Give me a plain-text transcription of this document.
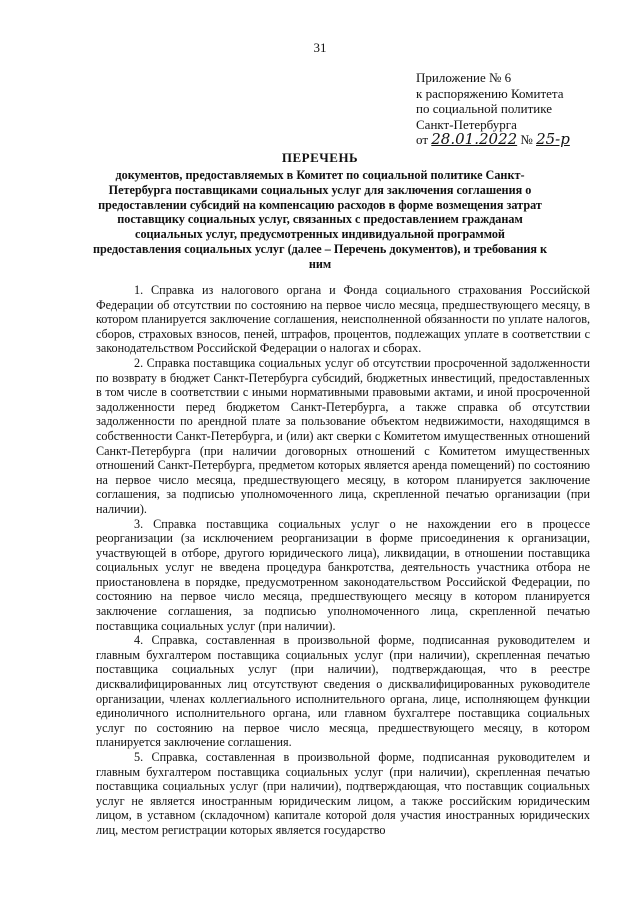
31
Приложение № 6
к распоряжению Комитета
по социальной политике
Санкт-Петербурга
от 28.01.2022 № 25-р
ПЕРЕЧЕНЬ
документов, предоставляемых в Комитет по социальной политике Санкт-Петербурга поставщиками социальных услуг для заключения соглашения о предоставлении субсидий на компенсацию расходов в форме возмещения затрат поставщику социальных услуг, связанных с предоставлением гражданам социальных услуг, предусмотренных индивидуальной программой предоставления социальных услуг (далее – Перечень документов), и требования к ним

1. Справка из налогового органа и Фонда социального страхования Российской Федерации об отсутствии по состоянию на первое число месяца, предшествующего месяцу, в котором планируется заключение соглашения, неисполненной обязанности по уплате налогов, сборов, страховых взносов, пеней, штрафов, процентов, подлежащих уплате в соответствии с законодательством Российской Федерации о налогах и сборах.

2. Справка поставщика социальных услуг об отсутствии просроченной задолженности по возврату в бюджет Санкт-Петербурга субсидий, бюджетных инвестиций, предоставленных в том числе в соответствии с иными нормативными правовыми актами, и иной просроченной задолженности перед бюджетом Санкт-Петербурга, а также справка об отсутствии задолженности по арендной плате за пользование объектом недвижимости, находящимся в собственности Санкт-Петербурга, и (или) акт сверки с Комитетом имущественных отношений Санкт-Петербурга (при наличии договорных отношений с Комитетом имущественных отношений Санкт-Петербурга, предметом которых является аренда помещений) по состоянию на первое число месяца, предшествующего месяцу, в котором планируется заключение соглашения, за подписью уполномоченного лица, скрепленной печатью организации (при наличии).

3. Справка поставщика социальных услуг о не нахождении его в процессе реорганизации (за исключением реорганизации в форме присоединения к организации, участвующей в отборе, другого юридического лица), ликвидации, в отношении поставщика социальных услуг не введена процедура банкротства, деятельность участника отбора не приостановлена в порядке, предусмотренном законодательством Российской Федерации, по состоянию на первое число месяца, предшествующего месяцу в котором планируется заключение соглашения, за подписью уполномоченного лица, скрепленной печатью поставщика социальных услуг (при наличии).

4. Справка, составленная в произвольной форме, подписанная руководителем и главным бухгалтером поставщика социальных услуг (при наличии), скрепленная печатью поставщика социальных услуг (при наличии), подтверждающая, что в реестре дисквалифицированных лиц отсутствуют сведения о дисквалифицированных руководителе организации, членах коллегиального исполнительного органа, лице, исполняющем функции единоличного исполнительного органа, или главном бухгалтере поставщика социальных услуг по состоянию на первое число месяца, предшествующего месяцу, в котором планируется заключение соглашения.

5. Справка, составленная в произвольной форме, подписанная руководителем и главным бухгалтером поставщика социальных услуг (при наличии), скрепленная печатью поставщика социальных услуг (при наличии), подтверждающая, что поставщик социальных услуг не является иностранным юридическим лицом, а также российским юридическим лицом, в уставном (складочном) капитале которой доля участия иностранных юридических лиц, местом регистрации которых является государство
